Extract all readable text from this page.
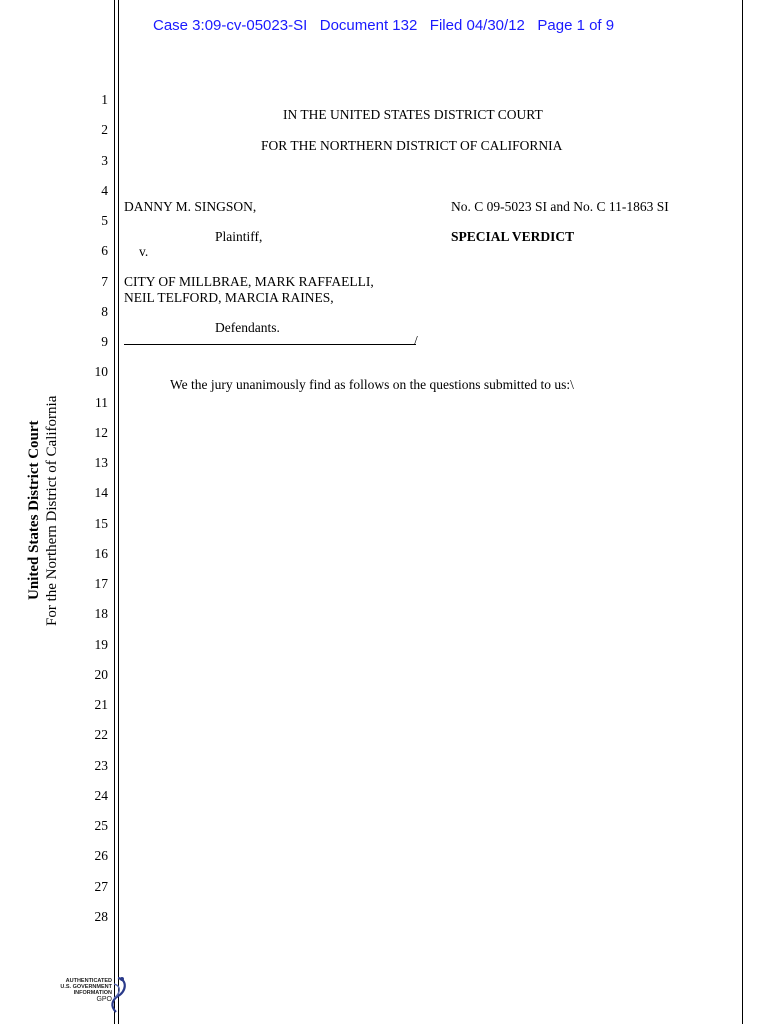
Case 3:09-cv-05023-SI   Document 132   Filed 04/30/12   Page 1 of 9
United States District Court For the Northern District of California
1
2
3
4
5
6
7
8
9
10
11
12
13
14
15
16
17
18
19
20
21
22
23
24
25
26
27
28
IN THE UNITED STATES DISTRICT COURT
FOR THE NORTHERN DISTRICT OF CALIFORNIA
DANNY M. SINGSON,
Plaintiff,
v.
CITY OF MILLBRAE, MARK RAFFAELLI,
NEIL TELFORD, MARCIA RAINES,
Defendants.
/
No. C 09-5023 SI and No. C 11-1863 SI
SPECIAL VERDICT
We the jury unanimously find as follows on the questions submitted to us:\
AUTHENTICATED
U.S. GOVERNMENT
INFORMATION
GPO
